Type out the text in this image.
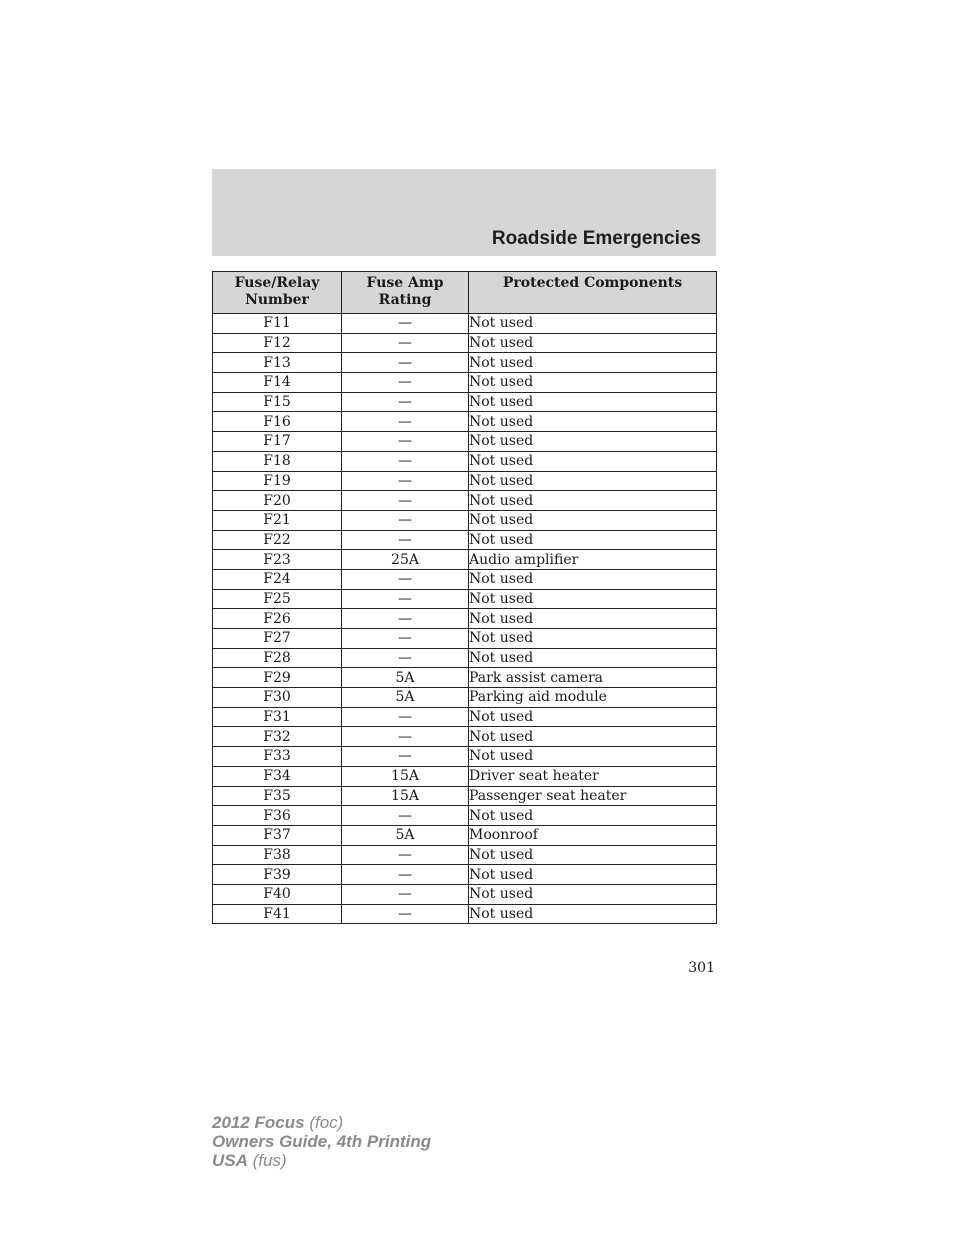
Roadside Emergencies
Fuse/Relay Number	Fuse Amp Rating	Protected Components
F11	—	Not used
F12	—	Not used
F13	—	Not used
F14	—	Not used
F15	—	Not used
F16	—	Not used
F17	—	Not used
F18	—	Not used
F19	—	Not used
F20	—	Not used
F21	—	Not used
F22	—	Not used
F23	25A	Audio amplifier
F24	—	Not used
F25	—	Not used
F26	—	Not used
F27	—	Not used
F28	—	Not used
F29	5A	Park assist camera
F30	5A	Parking aid module
F31	—	Not used
F32	—	Not used
F33	—	Not used
F34	15A	Driver seat heater
F35	15A	Passenger seat heater
F36	—	Not used
F37	5A	Moonroof
F38	—	Not used
F39	—	Not used
F40	—	Not used
F41	—	Not used
301
2012 Focus (foc)
Owners Guide, 4th Printing
USA (fus)
